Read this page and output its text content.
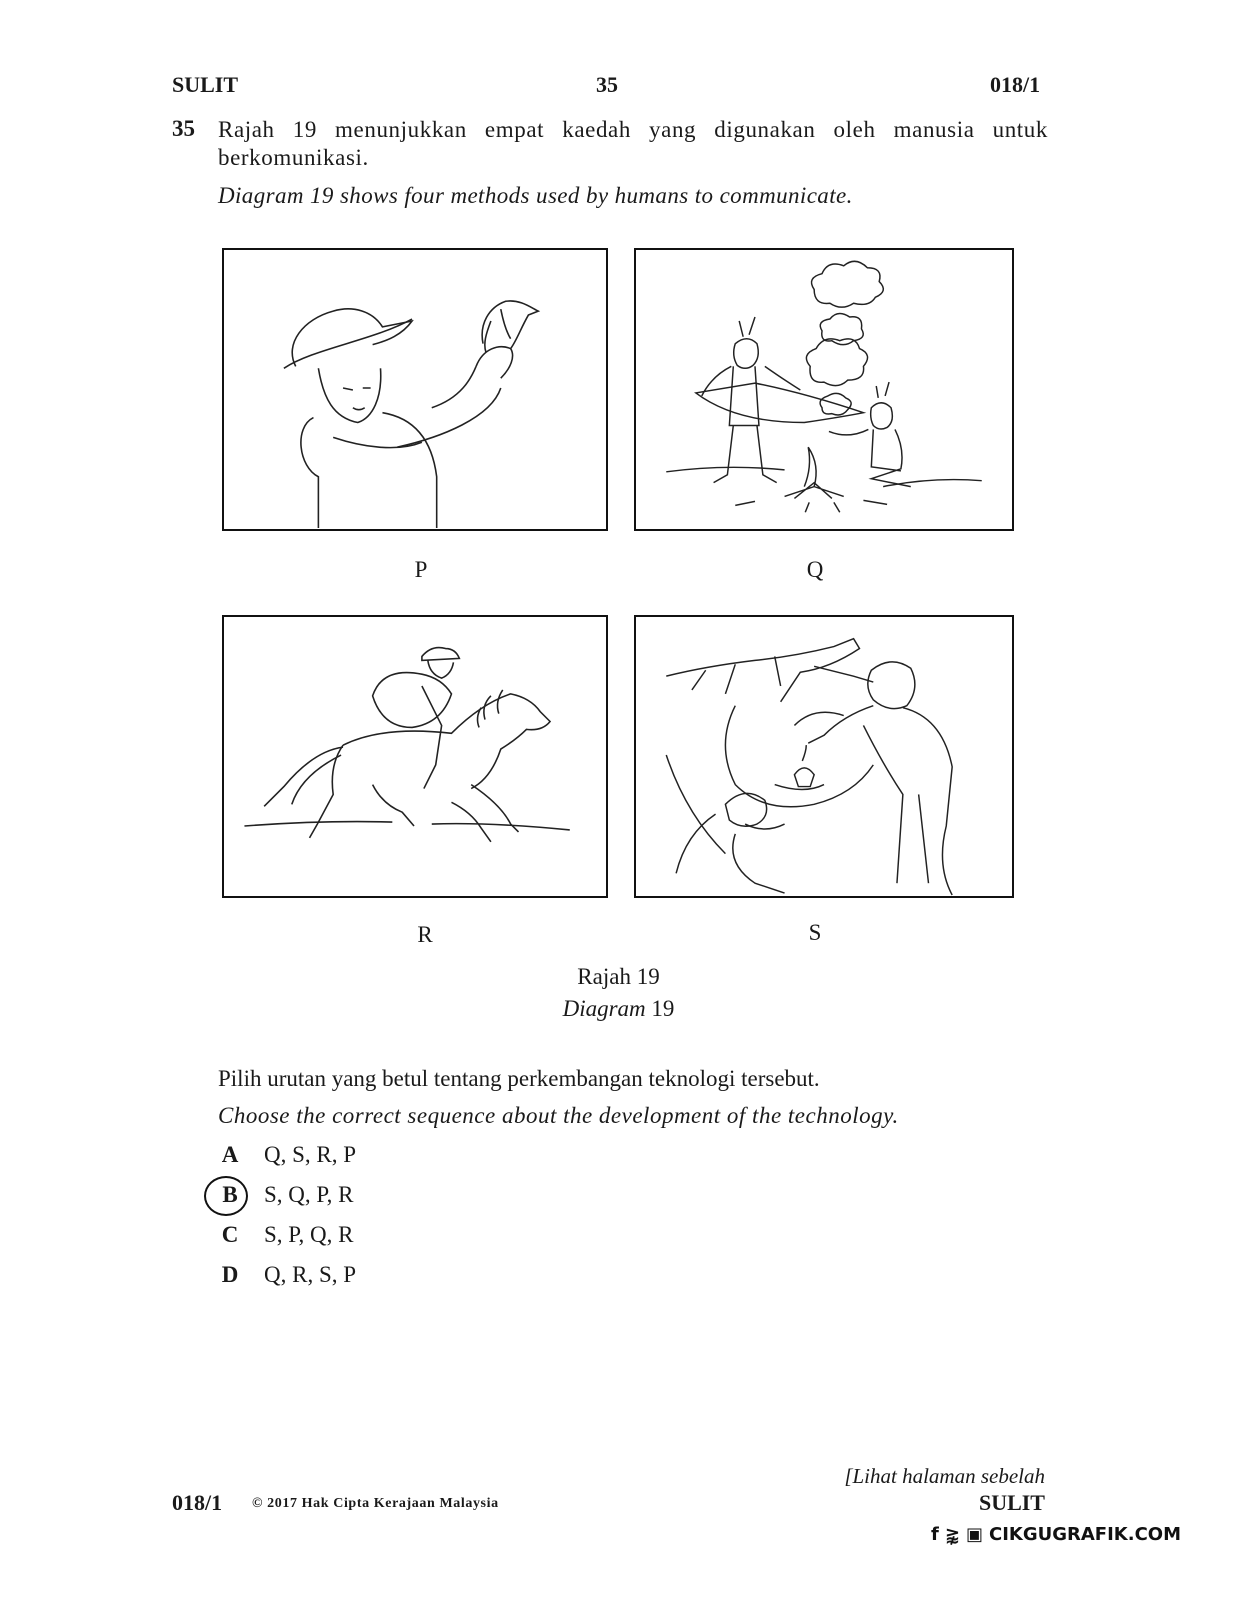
SULIT	35	018/1
35 Rajah 19 menunjukkan empat kaedah yang digunakan oleh manusia untuk berkomunikasi.
Diagram 19 shows four methods used by humans to communicate.
P	Q
R	S
Rajah 19
Diagram 19
Pilih urutan yang betul tentang perkembangan teknologi tersebut.
Choose the correct sequence about the development of the technology.
A Q, S, R, P
B S, Q, P, R
C S, P, Q, R
D Q, R, S, P
[Lihat halaman sebelah
SULIT
018/1 © 2017 Hak Cipta Kerajaan Malaysia
f ⪊ ▣ CIKGUGRAFIK.COM
